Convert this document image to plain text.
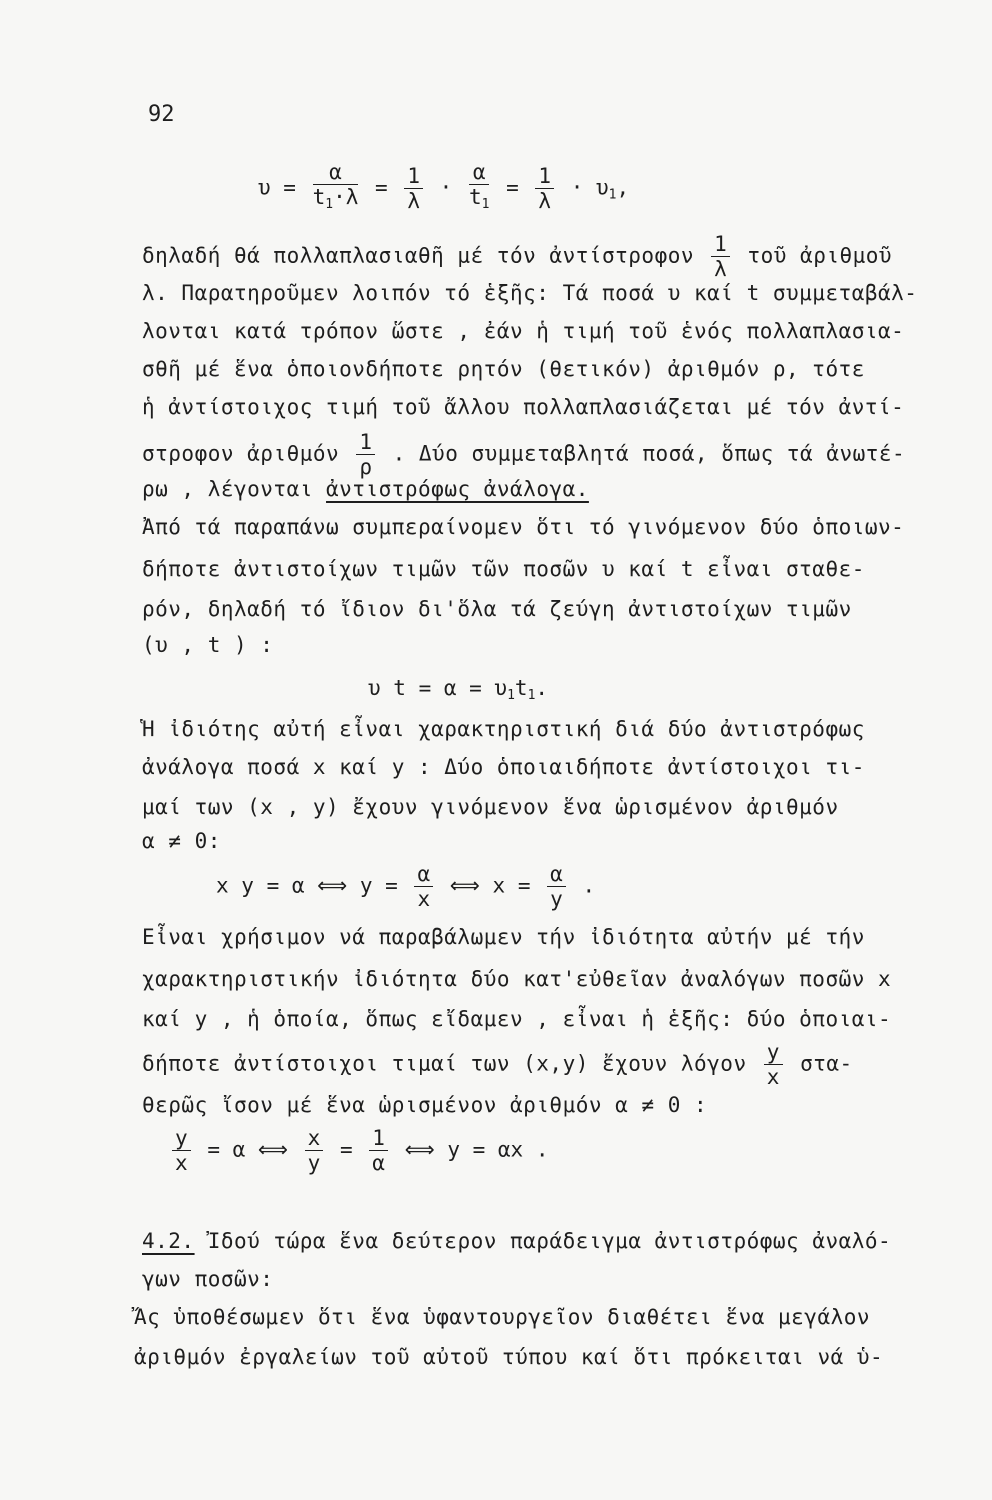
92
$\upsilon = \frac{\alpha}{t_1\cdot\lambda} = \frac{1}{\lambda} \cdot \frac{\alpha}{t_1} = \frac{1}{\lambda} \cdot \upsilon_1$,
δηλαδή θά πολλαπλασιαθῆ μέ τόν ἀντίστροφον $\frac{1}{\lambda}$ τοῦ ἀριθμοῦ
λ. Παρατηροῦμεν λοιπόν τό ἑξῆς: Τά ποσά υ καί t συμμεταβάλ-
λονται κατά τρόπον ὥστε , ἐάν ἡ τιμή τοῦ ἑνός πολλαπλασια-
σθῆ μέ ἕνα ὁποιονδήποτε ρητόν (θετικόν) ἀριθμόν ρ, τότε
ἡ ἀντίστοιχος τιμή τοῦ ἄλλου πολλαπλασιάζεται μέ τόν ἀντί-
στροφον ἀριθμόν $\frac{1}{\rho}$ . Δύο συμμεταβλητά ποσά, ὅπως τά ἀνωτέ-
ρω , λέγονται ἀντιστρόφως ἀνάλογα.
Ἀπό τά παραπάνω συμπεραίνομεν ὅτι τό γινόμενον δύο ὁποιων-
δήποτε ἀντιστοίχων τιμῶν τῶν ποσῶν υ καί t εἶναι σταθε-
ρόν, δηλαδή τό ἴδιον δι'ὅλα τά ζεύγη ἀντιστοίχων τιμῶν
(υ , t ) :
υ $t = \alpha = \upsilon_1t_1$.
Ἡ ἰδιότης αὐτή εἶναι χαρακτηριστική διά δύο ἀντιστρόφως
ἀνάλογα ποσά x καί y : Δύο ὁποιαιδήποτε ἀντίστοιχοι τι-
μαί των (x , y) ἔχουν γινόμενον ἕνα ὡρισμένον ἀριθμόν
α ≠ 0:
x y = α ⟺ $y = \frac{\alpha}{x}$ ⟺ $x = \frac{\alpha}{y}$ .
Εἶναι χρήσιμον νά παραβάλωμεν τήν ἰδιότητα αὐτήν μέ τήν
χαρακτηριστικήν ἰδιότητα δύο κατ'εὐθεῖαν ἀναλόγων ποσῶν x
καί y , ἡ ὁποία, ὅπως εἴδαμεν , εἶναι ἡ ἑξῆς: δύο ὁποιαι-
δήποτε ἀντίστοιχοι τιμαί των (x,y) ἔχουν λόγον $\frac{y}{x} \sigma\tau\alpha-$
θερῶς ἴσον μέ ἕνα ὡρισμένον ἀριθμόν α ≠ 0 :
$\frac{y}{x} = \alpha$ ⟺ $\frac{x}{y} = \frac{1}{\alpha}$ ⟺ y = αx .
4.2. Ἰδού τώρα ἕνα δεύτερον παράδειγμα ἀντιστρόφως ἀναλό-
γων ποσῶν:
Ἄς ὑποθέσωμεν ὅτι ἕνα ὑφαντουργεῖον διαθέτει ἕνα μεγάλον
ἀριθμόν ἐργαλείων τοῦ αὐτοῦ τύπου καί ὅτι πρόκειται νά ὑ-
